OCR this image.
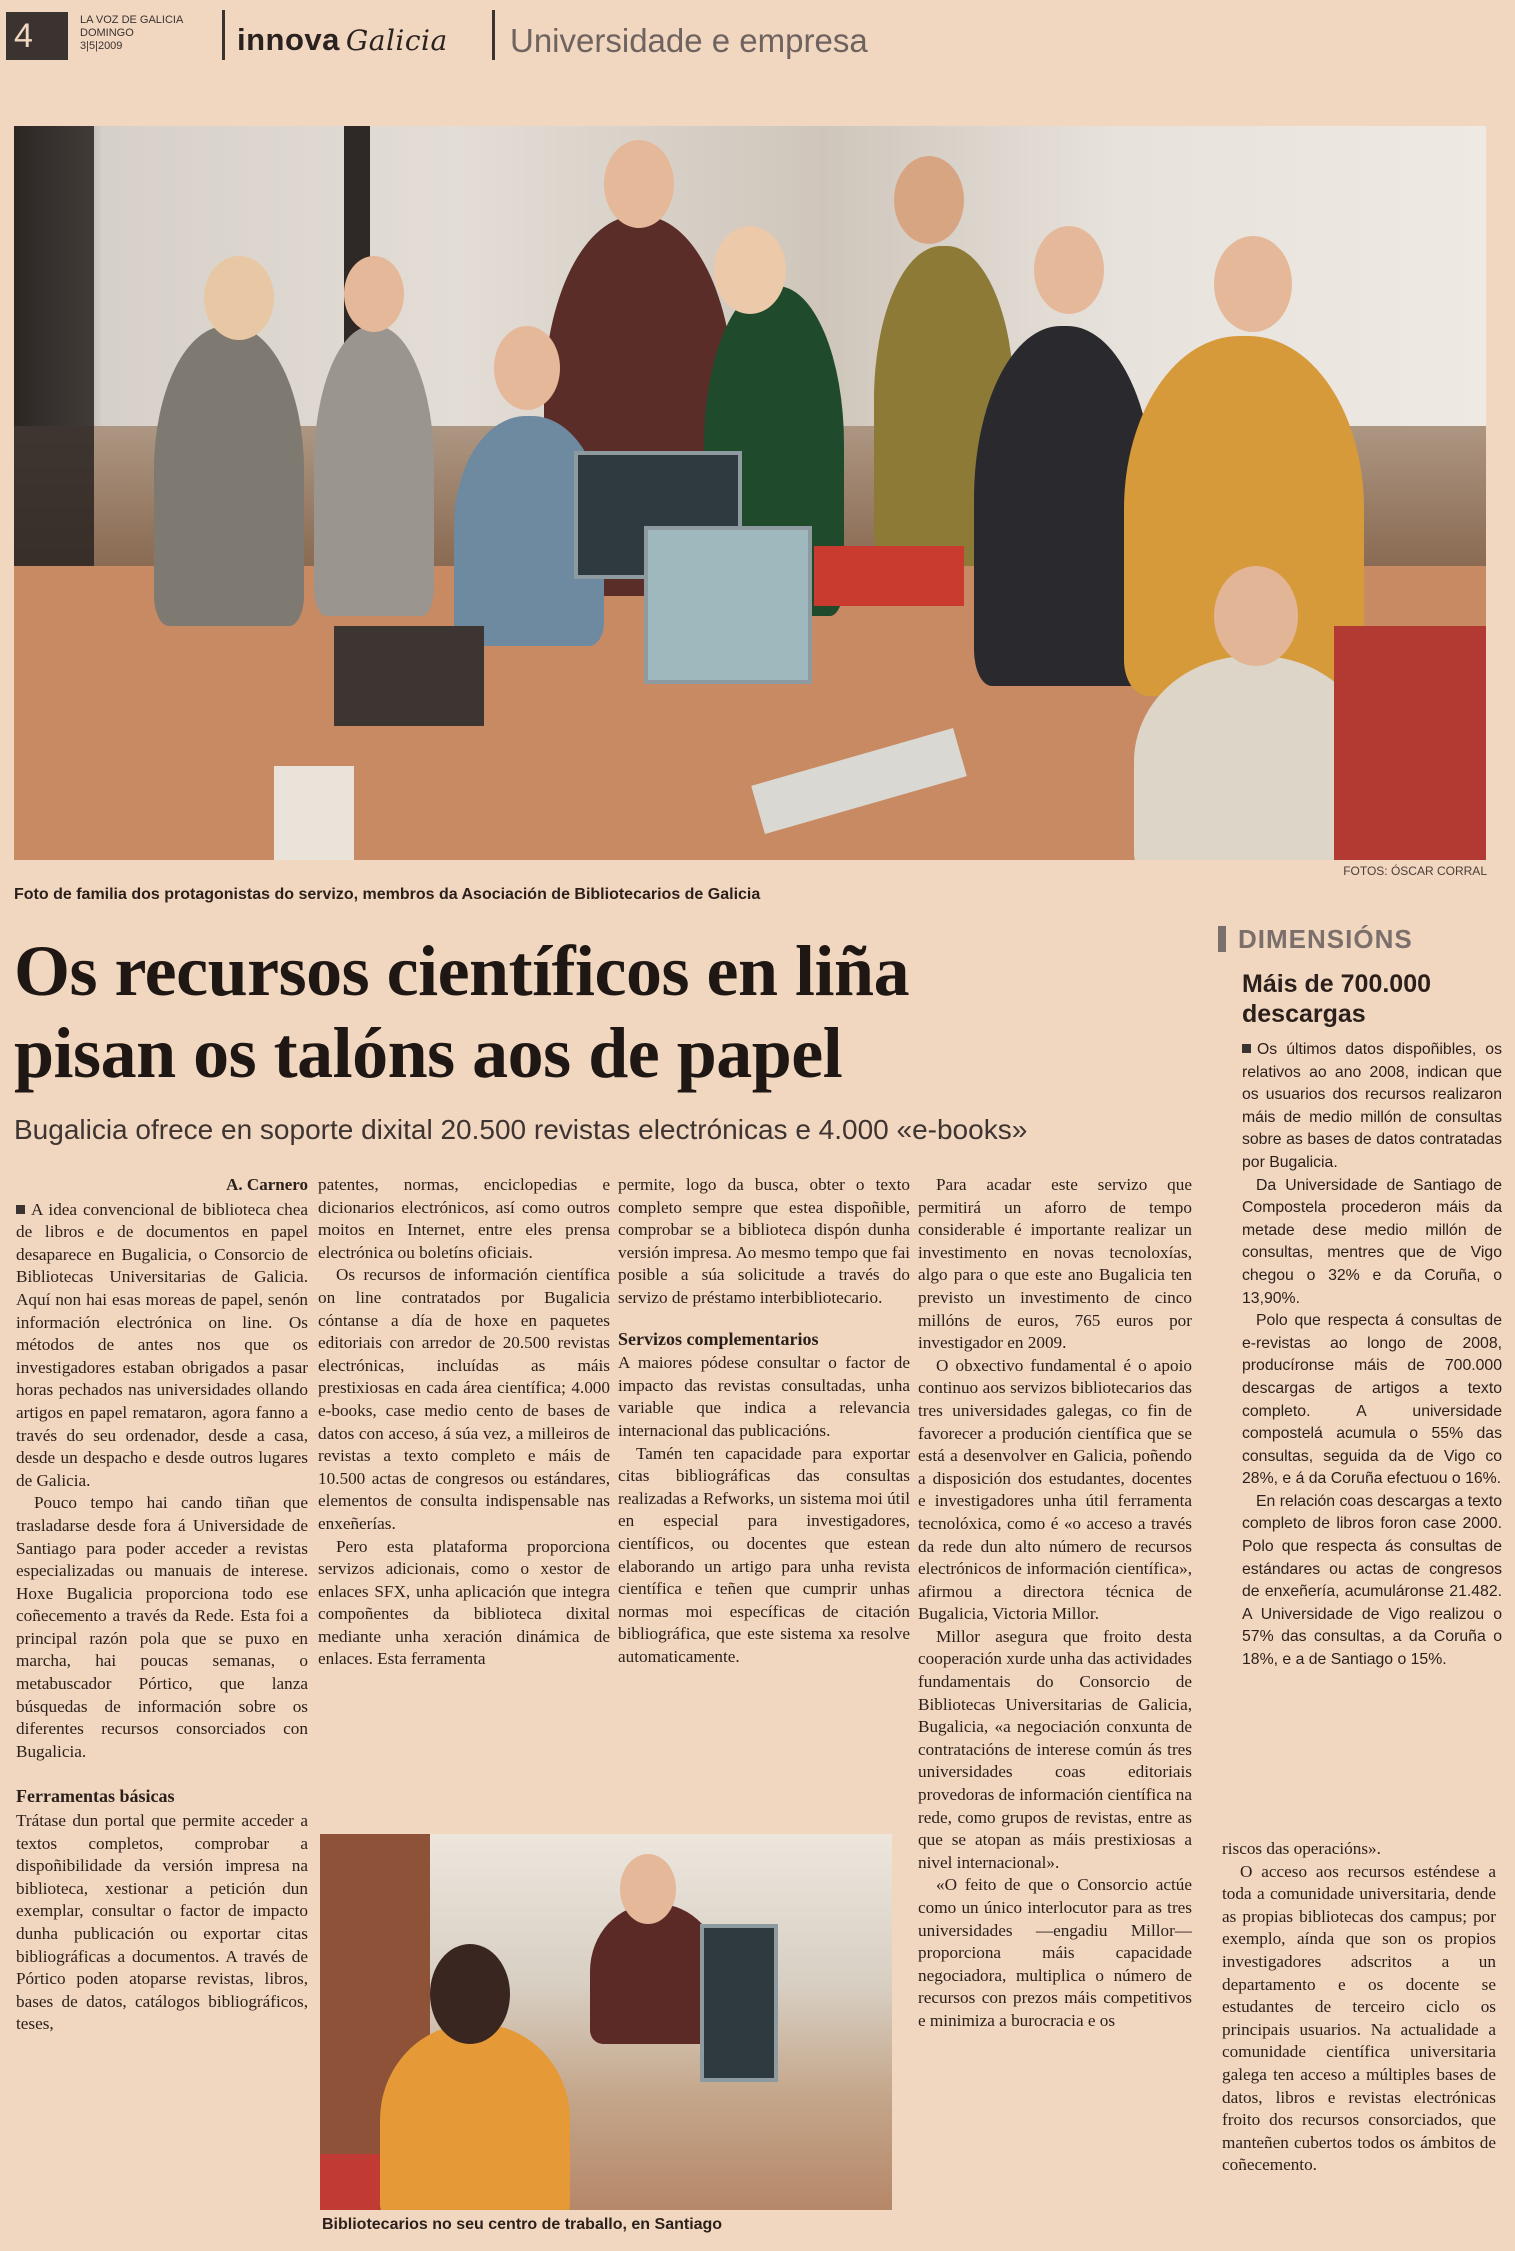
4	LA VOZ DE GALICIA
DOMINGO
3|5|2009	innova Galicia Universidade e empresa
FOTOS: ÓSCAR CORRAL
Foto de familia dos protagonistas do servizo, membros da Asociación de Bibliotecarios de Galicia
Os recursos científicos en liña
pisan os talóns aos de papel
Bugalicia ofrece en soporte dixital 20.500 revistas electrónicas e 4.000 «e-books»
A. Carnero

A idea convencional de biblioteca chea de libros e de documentos en papel desaparece en Bugalicia, o Consorcio de Bibliotecas Universitarias de Galicia. Aquí non hai esas moreas de papel, senón información electrónica on line. Os métodos de antes nos que os investigadores estaban obrigados a pasar horas pechados nas universidades ollando artigos en papel remataron, agora fanno a través do seu ordenador, desde a casa, desde un despacho e desde outros lugares de Galicia.

Pouco tempo hai cando tiñan que trasladarse desde fora á Universidade de Santiago para poder acceder a revistas especializadas ou manuais de interese. Hoxe Bugalicia proporciona todo ese coñecemento a través da Rede. Esta foi a principal razón pola que se puxo en marcha, hai poucas semanas, o metabuscador Pórtico, que lanza búsquedas de información sobre os diferentes recursos consorciados con Bugalicia.

Ferramentas básicas

Trátase dun portal que permite acceder a textos completos, comprobar a dispoñibilidade da versión impresa na biblioteca, xestionar a petición dun exemplar, consultar o factor de impacto dunha publicación ou exportar citas bibliográficas a documentos. A través de Pórtico poden atoparse revistas, libros, bases de datos, catálogos bibliográficos, teses,

patentes, normas, enciclopedias e dicionarios electrónicos, así como outros moitos en Internet, entre eles prensa electrónica ou boletíns oficiais.

Os recursos de información científica on line contratados por Bugalicia cóntanse a día de hoxe en paquetes editoriais con arredor de 20.500 revistas electrónicas, incluídas as máis prestixiosas en cada área científica; 4.000 e-books, case medio cento de bases de datos con acceso, á súa vez, a milleiros de revistas a texto completo e máis de 10.500 actas de congresos ou estándares, elementos de consulta indispensable nas enxeñerías.

Pero esta plataforma proporciona servizos adicionais, como o xestor de enlaces SFX, unha aplicación que integra compoñentes da biblioteca dixital mediante unha xeración dinámica de enlaces. Esta ferramenta

permite, logo da busca, obter o texto completo sempre que estea dispoñible, comprobar se a biblioteca dispón dunha versión impresa. Ao mesmo tempo que fai posible a súa solicitude a través do servizo de préstamo interbibliotecario.

Servizos complementarios

A maiores pódese consultar o factor de impacto das revistas consultadas, unha variable que indica a relevancia internacional das publicacións.

Tamén ten capacidade para exportar citas bibliográficas das consultas realizadas a Refworks, un sistema moi útil en especial para investigadores, científicos, ou docentes que estean elaborando un artigo para unha revista científica e teñen que cumprir unhas normas moi específicas de citación bibliográfica, que este sistema xa resolve automaticamente.

Bibliotecarios no seu centro de traballo, en Santiago

Para acadar este servizo que permitirá un aforro de tempo considerable é importante realizar un investimento en novas tecnoloxías, algo para o que este ano Bugalicia ten previsto un investimento de cinco millóns de euros, 765 euros por investigador en 2009.

O obxectivo fundamental é o apoio continuo aos servizos bibliotecarios das tres universidades galegas, co fin de favorecer a produción científica que se está a desenvolver en Galicia, poñendo a disposición dos estudantes, docentes e investigadores unha útil ferramenta tecnolóxica, como é «o acceso a través da rede dun alto número de recursos electrónicos de información científica», afirmou a directora técnica de Bugalicia, Victoria Millor.

Millor asegura que froito desta cooperación xurde unha das actividades fundamentais do Consorcio de Bibliotecas Universitarias de Galicia, Bugalicia, «a negociación conxunta de contratacións de interese común ás tres universidades coas editoriais provedoras de información científica na rede, como grupos de revistas, entre as que se atopan as máis prestixiosas a nivel internacional».

«O feito de que o Consorcio actúe como un único interlocutor para as tres universidades —engadiu Millor— proporciona máis capacidade negociadora, multiplica o número de recursos con prezos máis competitivos e minimiza a burocracia e os

DIMENSIÓNS
Máis de 700.000 descargas

Os últimos datos dispoñibles, os relativos ao ano 2008, indican que os usuarios dos recursos realizaron máis de medio millón de consultas sobre as bases de datos contratadas por Bugalicia.

Da Universidade de Santiago de Compostela procederon máis da metade dese medio millón de consultas, mentres que de Vigo chegou o 32% e da Coruña, o 13,90%.

Polo que respecta á consultas de e-revistas ao longo de 2008, producíronse máis de 700.000 descargas de artigos a texto completo. A universidade compostelá acumula o 55% das consultas, seguida da de Vigo co 28%, e á da Coruña efectuou o 16%.

En relación coas descargas a texto completo de libros foron case 2000. Polo que respecta ás consultas de estándares ou actas de congresos de enxeñería, acumuláronse 21.482. A Universidade de Vigo realizou o 57% das consultas, a da Coruña o 18%, e a de Santiago o 15%.

riscos das operacións».

O acceso aos recursos esténdese a toda a comunidade universitaria, dende as propias bibliotecas dos campus; por exemplo, aínda que son os propios investigadores adscritos a un departamento e os docente se estudantes de terceiro ciclo os principais usuarios. Na actualidade a comunidade científica universitaria galega ten acceso a múltiples bases de datos, libros e revistas electrónicas froito dos recursos consorciados, que manteñen cubertos todos os ámbitos de coñecemento.
